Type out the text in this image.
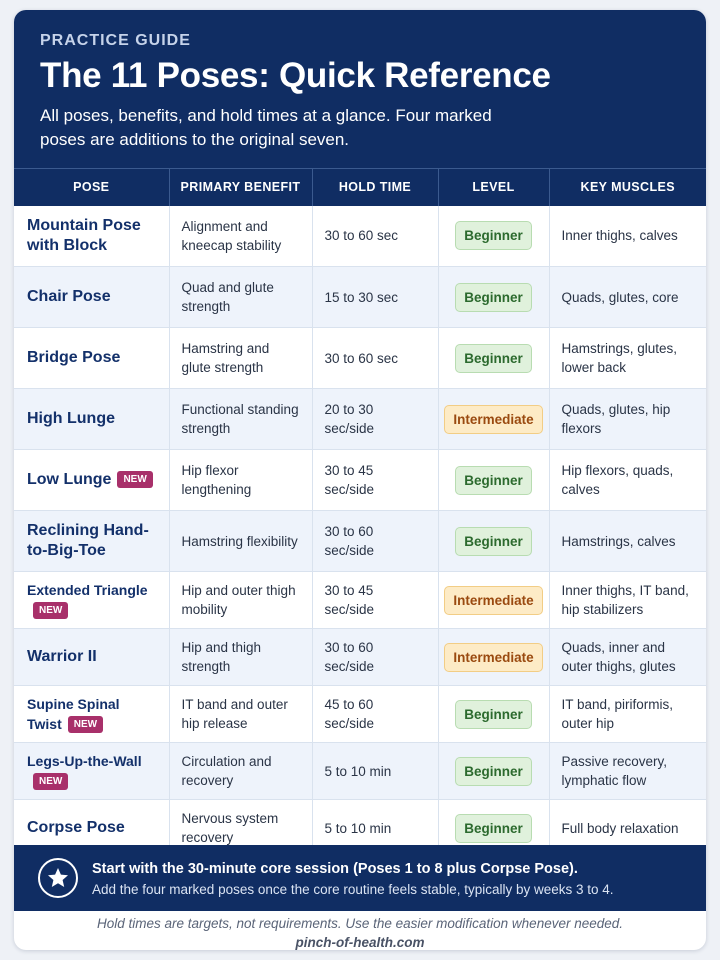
PRACTICE GUIDE
The 11 Poses: Quick Reference
All poses, benefits, and hold times at a glance. Four marked poses are additions to the original seven.
POSE	PRIMARY BENEFIT	HOLD TIME	LEVEL	KEY MUSCLES
Mountain Pose with Block	Alignment and kneecap stability	30 to 60 sec	Beginner	Inner thighs, calves
Chair Pose	Quad and glute strength	15 to 30 sec	Beginner	Quads, glutes, core
Bridge Pose	Hamstring and glute strength	30 to 60 sec	Beginner	Hamstrings, glutes, lower back
High Lunge	Functional standing strength	20 to 30 sec/side	Intermediate	Quads, glutes, hip flexors
Low Lunge NEW	Hip flexor lengthening	30 to 45 sec/side	Beginner	Hip flexors, quads, calves
Reclining Hand-to-Big-Toe	Hamstring flexibility	30 to 60 sec/side	Beginner	Hamstrings, calves
Extended TriangleNEW	Hip and outer thigh mobility	30 to 45 sec/side	Intermediate	Inner thighs, IT band, hip stabilizers
Warrior II	Hip and thigh strength	30 to 60 sec/side	Intermediate	Quads, inner and outer thighs, glutes
Supine Spinal Twist NEW	IT band and outer hip release	45 to 60 sec/side	Beginner	IT band, piriformis, outer hip
Legs-Up-the-WallNEW	Circulation and recovery	5 to 10 min	Beginner	Passive recovery, lymphatic flow
Corpse Pose	Nervous system recovery	5 to 10 min	Beginner	Full body relaxation
Start with the 30-minute core session (Poses 1 to 8 plus Corpse Pose).
Add the four marked poses once the core routine feels stable, typically by weeks 3 to 4.
Hold times are targets, not requirements. Use the easier modification whenever needed.
pinch-of-health.com
